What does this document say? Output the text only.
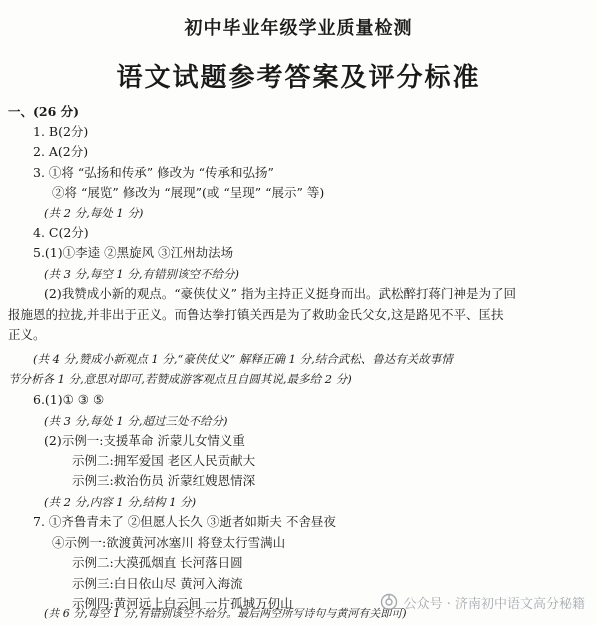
初中毕业年级学业质量检测
语文试题参考答案及评分标准
一、(26 分)
1. B(2分)
2. A(2分)
3. ①将 “弘扬和传承” 修改为 “传承和弘扬”
②将 “展览” 修改为 “展现”(或 “呈现” “展示” 等)
(共 2 分,每处 1 分)
4. C(2分)
5.(1)①李逵 ②黑旋风 ③江州劫法场
(共 3 分,每空 1 分,有错别该空不给分)
(2)我赞成小新的观点。“豪侠仗义” 指为主持正义挺身而出。武松醉打蒋门神是为了回
报施恩的拉拢,并非出于正义。而鲁达拳打镇关西是为了救助金氏父女,这是路见不平、匡扶
正义。
(共 4 分,赞成小新观点 1 分,“豪侠仗义” 解释正确 1 分,结合武松、鲁达有关故事情
节分析各 1 分,意思对即可,若赞成游客观点且自圆其说,最多给 2 分)
6.(1)① ③ ⑤
(共 3 分,每处 1 分,超过三处不给分)
(2)示例一:支援革命 沂蒙儿女情义重
示例二:拥军爱国 老区人民贡献大
示例三:救治伤员 沂蒙红嫂恩情深
(共 2 分,内容 1 分,结构 1 分)
7. ①齐鲁青未了 ②但愿人长久 ③逝者如斯夫 不舍昼夜
④示例一:欲渡黄河冰塞川 将登太行雪满山
示例二:大漠孤烟直 长河落日圆
示例三:白日依山尽 黄河入海流
示例四:黄河远上白云间 一片孤城万仞山
(共 6 分,每空 1 分,有错别该空不给分。最后两空所写诗句与黄河有关即可)
公众号 · 济南初中语文高分秘籍
